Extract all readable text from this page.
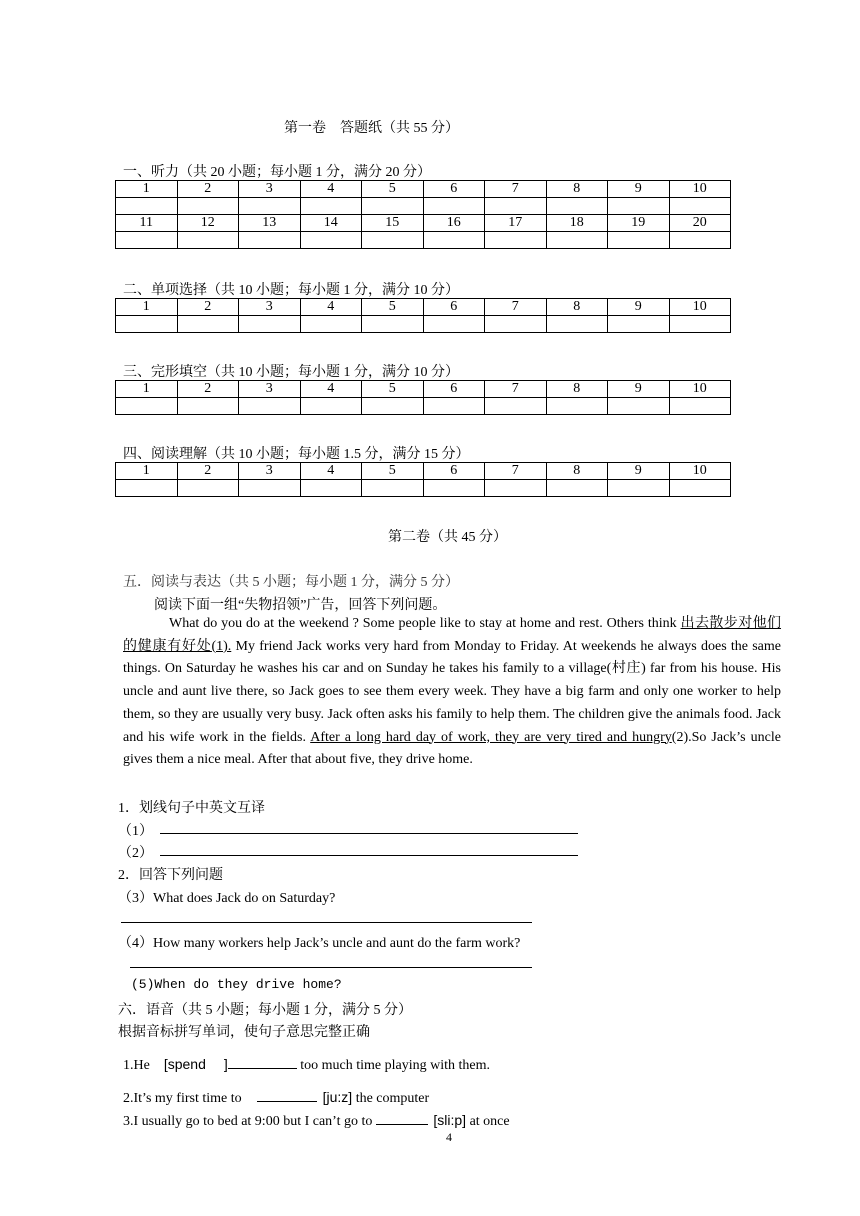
第一卷　答题纸（共 55 分）
一、听力（共 20 小题；每小题 1 分，满分 20 分）
1	2	3	4	5	6	7	8	9	10

11	12	13	14	15	16	17	18	19	20

二、单项选择（共 10 小题；每小题 1 分，满分 10 分）
1	2	3	4	5	6	7	8	9	10

三、完形填空（共 10 小题；每小题 1 分，满分 10 分）
1	2	3	4	5	6	7	8	9	10

四、阅读理解（共 10 小题；每小题 1.5 分，满分 15 分）
1	2	3	4	5	6	7	8	9	10

第二卷（共 45 分）
五．阅读与表达（共 5 小题；每小题 1 分，满分 5 分）
阅读下面一组“失物招领”广告，回答下列问题。

What do you do at the weekend ? Some people like to stay at home and rest. Others think 出去散步对他们的健康有好处(1). My friend Jack works very hard from Monday to Friday. At weekends he always does the same things. On Saturday he washes his car and on Sunday he takes his family to a village(村庄) far from his house. His uncle and aunt live there, so Jack goes to see them every week. They have a big farm and only one worker to help them, so they are usually very busy. Jack often asks his family to help them. The children give the animals food. Jack and his wife work in the fields. After a long hard day of work, they are very tired and hungry(2).So Jack’s uncle gives them a nice meal. After that about five, they drive home.

1．划线句子中英文互译
（1）
（2）
2．回答下列问题
（3）What does Jack do on Saturday?
（4）How many workers help Jack’s uncle and aunt do the farm work?
(5)When do they drive home?
六．语音（共 5 小题；每小题 1 分，满分 5 分）
根据音标拼写单词，使句子意思完整正确
1.He [spend ]	too much time playing with them.
2.It’s my first time to	[ju:z] the computer
3.I usually go to bed at 9:00 but I can’t go to	[sli:p] at once
4
